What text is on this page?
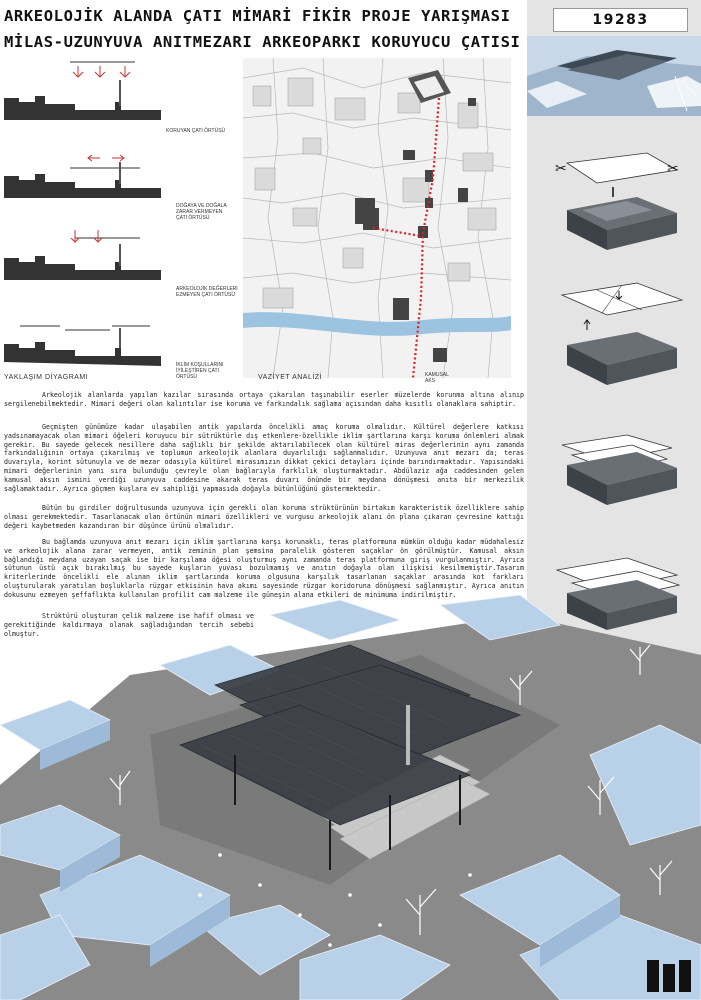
ARKEOLOJİK ALANDA ÇATI MİMARİ FİKİR PROJE YARIŞMASI
MİLAS-UZUNYUVA ANITMEZARI ARKEOPARKI KORUYUCU ÇATISI
19283
KORUYAN ÇATI ÖRTÜSÜ
DOĞAYA VE DOĞALA
ZARAR VERMEYEN
ÇATI ÖRTÜSÜ
ARKEOLOJİK DEĞERLERİ
EZMEYEN ÇATI ÖRTÜSÜ
İKLİM KOŞULLARINI
İYİLEŞTİREN ÇATI ÖRTÜSÜ
YAKLAŞIM DİYAGRAMI	VAZİYET ANALİZİ	KAMUSAL
AKS
Arkeolojik alanlarda yapılan kazılar sırasında ortaya çıkarılan taşınabilir eserler müzelerde korunma altına alınıp sergilenebilmektedir. Mimari değeri olan kalıntılar ise koruma ve farkındalık sağlama açısından daha kısıtlı olanaklara sahiptir.
Geçmişten günümüze kadar ulaşabilen antik yapılarda öncelikli amaç koruma olmalıdır. Kültürel değerlere katkısı yadsınamayacak olan mimari öğeleri koruyucu bir sütrüktürle dış etkenlere-özellikle iklim şartlarına karşı koruma önlemleri almak gerekir. Bu sayede gelecek nesillere daha sağlıklı bir şekilde aktarılabilecek olan kültürel miras değerlerinin aynı zamanda farkındalığının ortaya çıkarılmış ve toplumun arkeolojik alanlara duyarlılığı sağlanmalıdır. Uzunyuva anıt mezarı da; teras duvarıyla, korint sütunuyla ve de mezar odasıyla kültürel mirasımızın dikkat çekici detayları içinde barındırmaktadır. Yapısındaki mimari değerlerinin yanı sıra bulunduğu çevreyle olan bağlarıyla farklılık oluşturmaktadır. Abdülaziz ağa caddesinden gelen kamusal aksın ismini verdiği uzunyuva caddesine akarak teras duvarı önünde bir meydana dönüşmesi anıta bir merkezilik sağlamaktadır. Ayrıca göçmen kuşlara ev sahipliği yapmasıda doğayla bütünlüğünü göstermektedir.
Bütün bu girdiler doğrultusunda uzunyuva için gerekli olan koruma strüktürünün birtakım karakteristik özelliklere sahip olması gerekmektedir. Tasarlanacak olan örtünün mimari özellikleri ve vurgusu arkeolojik alanı ön plana çıkaran çevresine kattığı değeri kaybetmeden kazandıran bir düşünce ürünü olmalıdır.
Bu bağlamda uzunyuva anıt mezarı için iklim şartlarına karşı korunaklı, teras platformuna mümkün olduğu kadar müdahalesiz ve arkeolojik alana zarar vermeyen, antik zeminin plan şemsina paralelik gösteren saçaklar ön görülmüştür. Kamusal aksın bağlandığı meydana uzayan saçak ise bir karşılama öğesi oluşturmuş aynı zamanda teras platformuna giriş vurgulanmıştır. Ayrıca sütunun üstü açık bırakılmış bu sayede kuşların yuvası bozulmamış ve anıtın doğayla olan ilişkisi kesilmemiştir.Tasarım kriterlerinde öncelikli ele alınan iklim şartlarında koruma olgusuna karşılık tasarlanan saçaklar arasında kot farkları oluşturularak yaratılan boşluklarla rüzgar etkisinin hava akımı sayesinde rüzgar koridoruna dönüşmesi sağlanmıştır. Ayrıca anıtın dokusunu ezmeyen şeffaflıkta kullanılan profilit cam malzeme ile güneşin alana etkileri de minimuma indirilmiştir.
Strüktürü oluşturan çelik malzeme ise hafif olması ve gerekitiğinde kaldırmaya olanak sağladığından tercih sebebi olmuştur.
✂	✂
